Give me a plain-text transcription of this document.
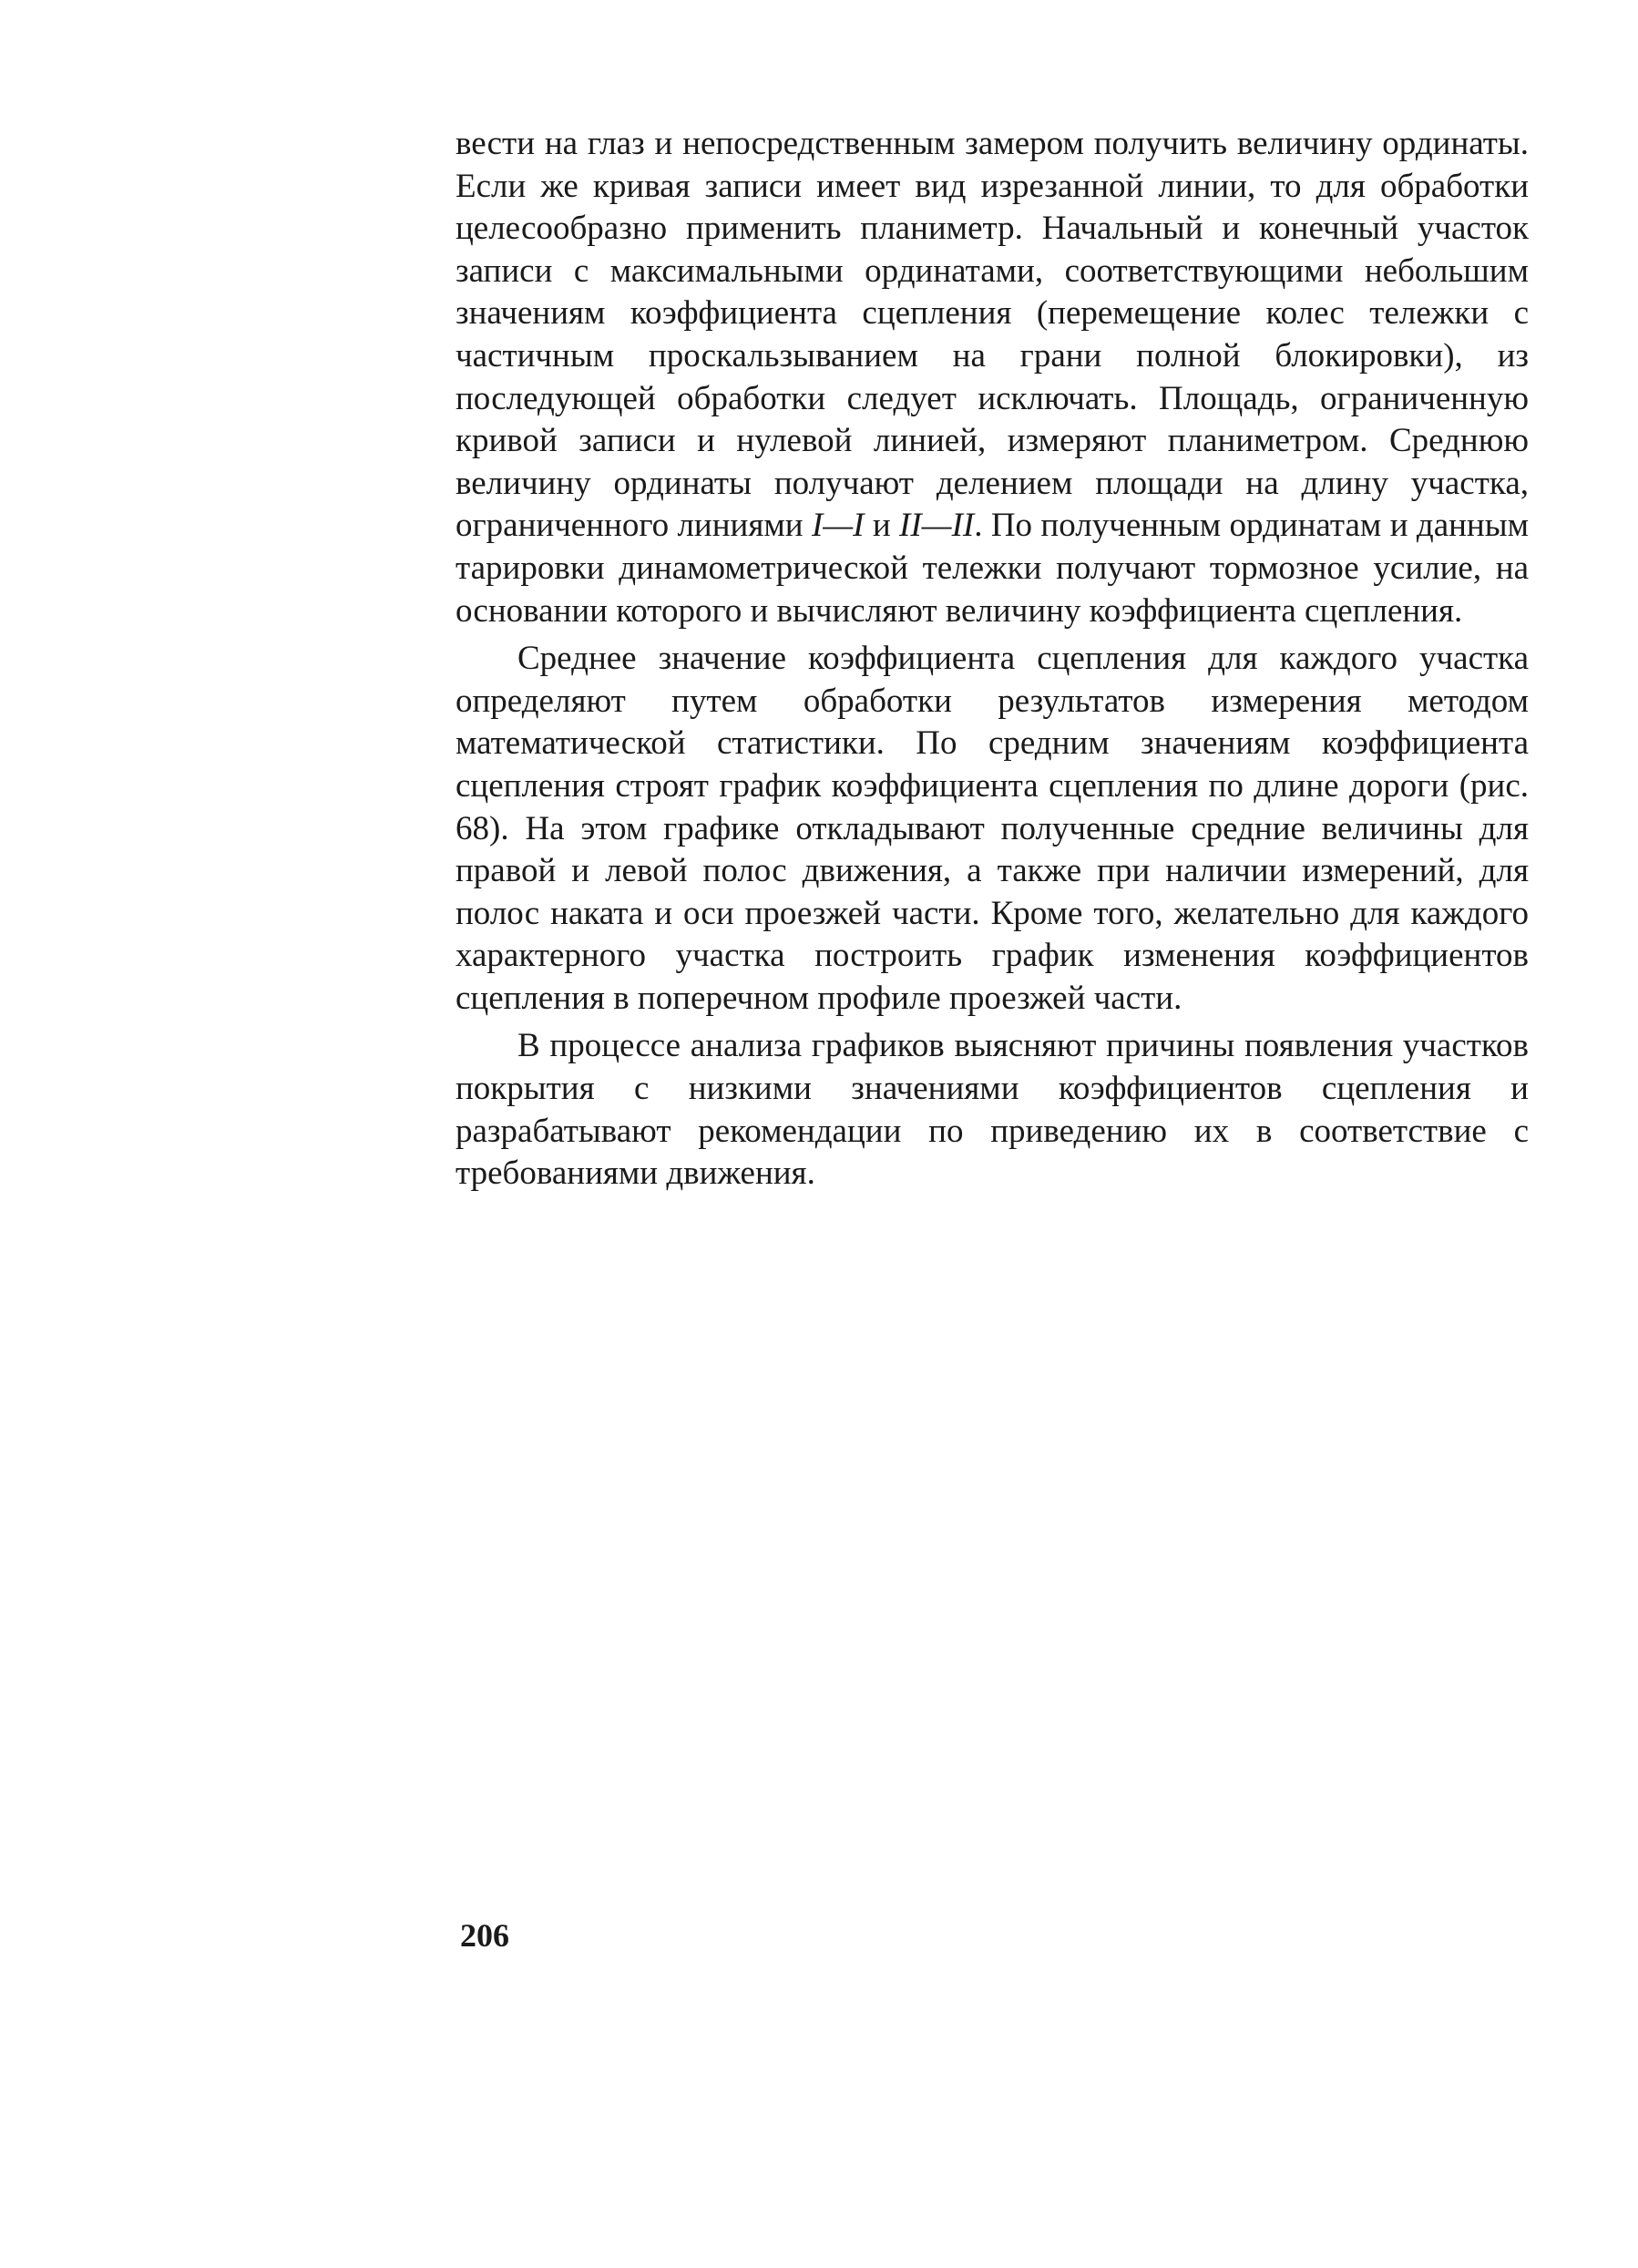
вести на глаз и непосредственным замером получить величину ординаты. Если же кривая записи имеет вид изрезанной линии, то для обработки целесообразно применить планиметр. Начальный и конечный участок записи с максимальными ординатами, соответствующими небольшим значениям коэффициента сцепления (перемещение колес тележки с частичным проскальзыванием на грани полной блокировки), из последующей обработки следует исключать. Площадь, ограниченную кривой записи и нулевой линией, измеряют планиметром. Среднюю величину ординаты получают делением площади на длину участка, ограниченного линиями I—I и II—II. По полученным ординатам и данным тарировки динамометрической тележки получают тормозное усилие, на основании которого и вычисляют величину коэффициента сцепления.

Среднее значение коэффициента сцепления для каждого участка определяют путем обработки результатов измерения методом математической статистики. По средним значениям коэффициента сцепления строят график коэффициента сцепления по длине дороги (рис. 68). На этом графике откладывают полученные средние величины для правой и левой полос движения, а также при наличии измерений, для полос наката и оси проезжей части. Кроме того, желательно для каждого характерного участка построить график изменения коэффициентов сцепления в поперечном профиле проезжей части.

В процессе анализа графиков выясняют причины появления участков покрытия с низкими значениями коэффициентов сцепления и разрабатывают рекомендации по приведению их в соответствие с требованиями движения.

206
